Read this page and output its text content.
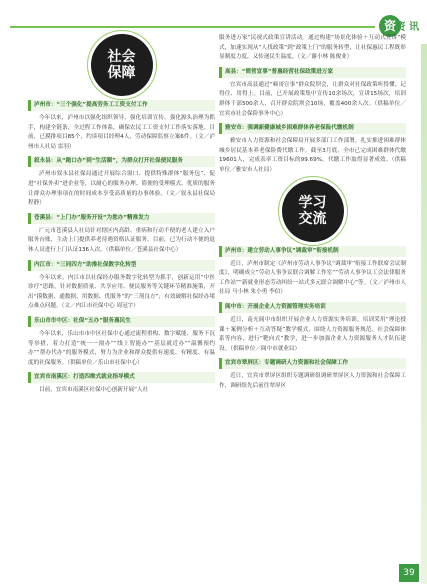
资 资 讯
社会保障
泸州市：“三个强化”提高劳务工工资支付工作
今年以来，泸州市以强化组织领导、强化培训宣传、强化源头治理为抓手，构建全链条、全过程工作体系，确保农民工工资支付工作落实落地。目前，已摸排项目85个，约谈项目经理4人，劳动保障监察立案6件。（文／泸州市人社局 雷羽）
叙永县：从“跑口办”到“生活圈”，为群众打开社保便民服务
泸州市叙永县社保局通过开展综合窗口、提供特殊群体“服务包”、促进“社保外卖”进企业等，以耐心的服务办理、简便的受理模式、优质的服务让群众办理事项在的时间成本享受高质量的办事体验。（文／叙永县社保局 程静）
苍溪县：“上门办”服务开设“为您办”精准发力
广元市苍溪县人社局针对辖区内高龄、重病和行动不便的老人建立入户服务台账，主动上门提供养老待遇资格认证服务。目前，已为行动不便的退休人员进行上门认证136人次。（供稿单位／苍溪县社保中心）
内江市：“三同四方”助推社保数字化转型
今年以来，内江市以社保经办服务数字化转型为抓手，创新运用“中医诊疗”思路，针对数据质量、共享应用、便民服务等关键环节精准施策，开出“摸数据、通数据、用数据、优服务”的“三剂良方”，有效破解社保经办堵点难点问题。（文／内江市社保中心 周冠宇）
乐山市市中区：社保“五办”服务惠民生
今年以来，乐山市市中区社保中心通过流程重构、数字赋能、服务下沉等举措，着力打造“统一一窗办”“线上智能办”“基层就近办”“温馨预约办”“帮办代办”的服务模式，努力为企业和群众提供有速度、有精度、有温度的社保服务。（供稿单位／乐山市社保中心）
宜宾市南溪区：打造四维式就业指导模式
目前，宜宾市南溪区社保中心创新开展“人社
服务进万家”民视式政策宣讲活动。通过构建“场景化体验＋互动式宣讲”模式，加速实现从“人找政策”到“政策上门”的服务转型，让社保惠民工程既彰显制度力度，又传递民生温度。（文／谢小林 陈俊业）
高县：“简营宣事”普惠经营社保政策进万家
宜宾市高县通过“嘀哥宣事”群众院坝会，让群众对社保政策听得懂、记得住、用得上。目前，已开展政策集中宣传10余场次，宣讲15场次，培训群体千部500余人，召开群众院坝会10场，覆盖400余人次。（供稿单位／宜宾市社会保险事务中心）
雅安市：强调新健康城乡困难群体养老保险代缴机制
雅安市人力资源和社会保障局开展多部门工作部署，扎实推进困难群体城乡居民基本养老保险费代缴工作。截至3月底，全市已完成困难群体代缴19601人，完成表率工资目标的99.69%，代缴工作取得显著成效。（供稿单位／雅安市人社局）
学习交流
泸州市：建立劳动人事争议“调裁审”衔接机制
近日，泸州市制定《泸州市劳动人事争议“调裁审”衔接工作联席会议制度》，明确成立“劳动人事争议联合调解工作室”“劳动人事争议工会法律服务工作站”“新就业形态劳动纠纷一站式多元联合调解中心”等。（文／泸州市人社局 马小林 朱小勇 李伯）
阆中市：开展企业人力资源管理实务培训
近日，南充阆中市组织开展企业人力资源实务培训。培训采用“理论授课＋案例分析＋互动答疑”教学模式，围绕人力资源服务规范、社会保障体系等内容，进行“靶向式”教学，进一步加强企业人力资源服务人才队伍建设。（供稿单位／阆中市就业局）
宜宾市翠屏区：专题调研人力资源和社会保障工作
近日，宜宾市翠屏区组织专题调研组调研翠屏区人力资源和社会保障工作，调研组先后前往翠屏区
39
